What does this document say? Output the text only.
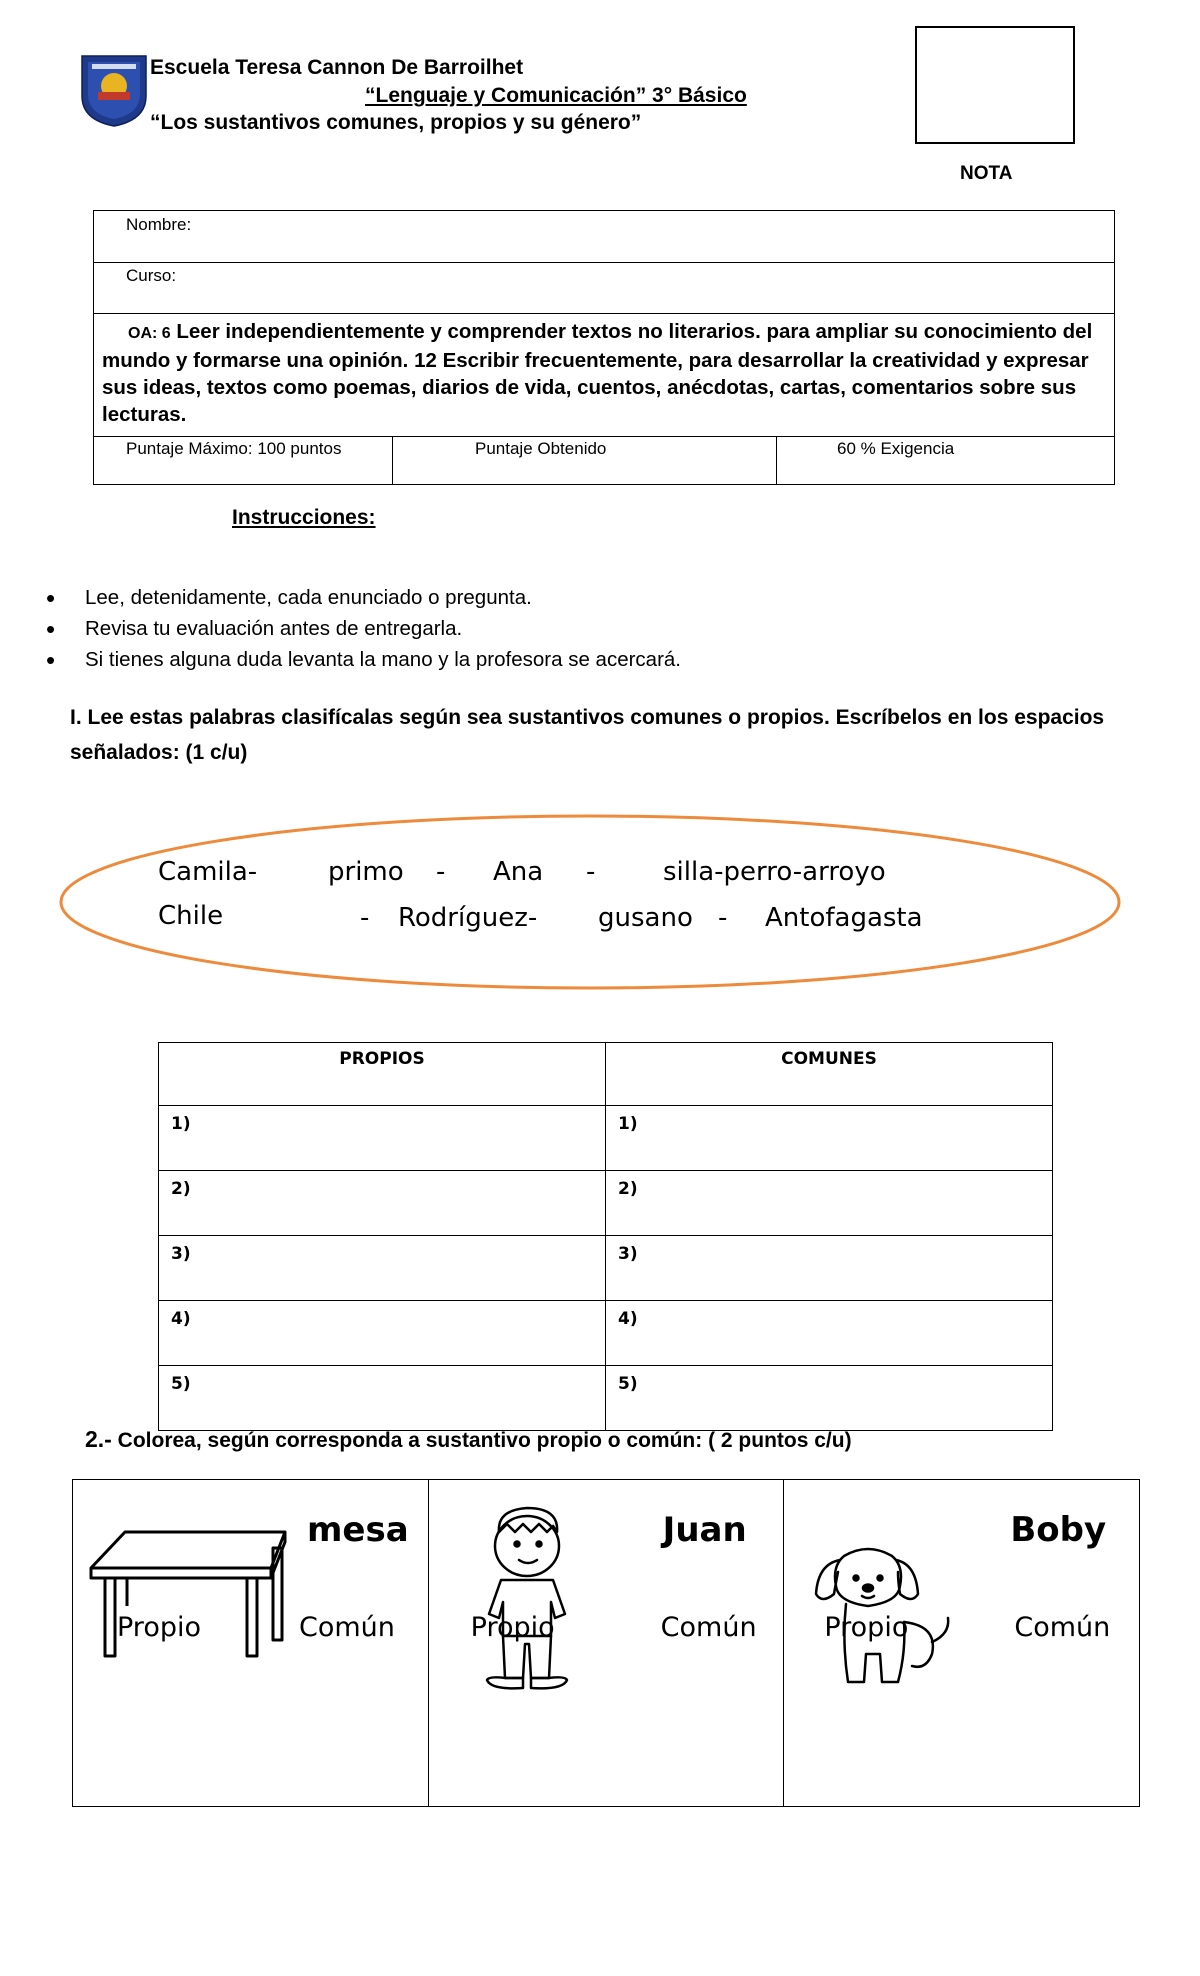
Escuela Teresa Cannon De Barroilhet
“Lenguaje y Comunicación” 3° Básico
“Los sustantivos comunes, propios y su género”
NOTA
Nombre:
Curso:
OA: 6 Leer independientemente y comprender textos no literarios. para ampliar su conocimiento del mundo y formarse una opinión. 12 Escribir frecuentemente, para desarrollar la creatividad y expresar sus ideas, textos como poemas, diarios de vida, cuentos, anécdotas, cartas, comentarios sobre sus lecturas.
Puntaje Máximo: 100 puntos	Puntaje Obtenido	60 % Exigencia
Instrucciones:
• Lee, detenidamente, cada enunciado o pregunta.
• Revisa tu evaluación antes de entregarla.
• Si tienes alguna duda levanta la mano y la profesora se acercará.
I. Lee estas palabras clasifícalas según sea sustantivos comunes o propios. Escríbelos en los espacios señalados: (1 c/u)
Camila-	primo - Ana -	silla-perro-arroyo
Chile	- Rodríguez- gusano - Antofagasta
PROPIOS	COMUNES
1)	1)
2)	2)
3)	3)
4)	4)
5)	5)
2.- Colorea, según corresponda a sustantivo propio o común: ( 2 puntos c/u)
mesa
Propio	Común
Juan
Propio	Común
Boby
Propio	Común
